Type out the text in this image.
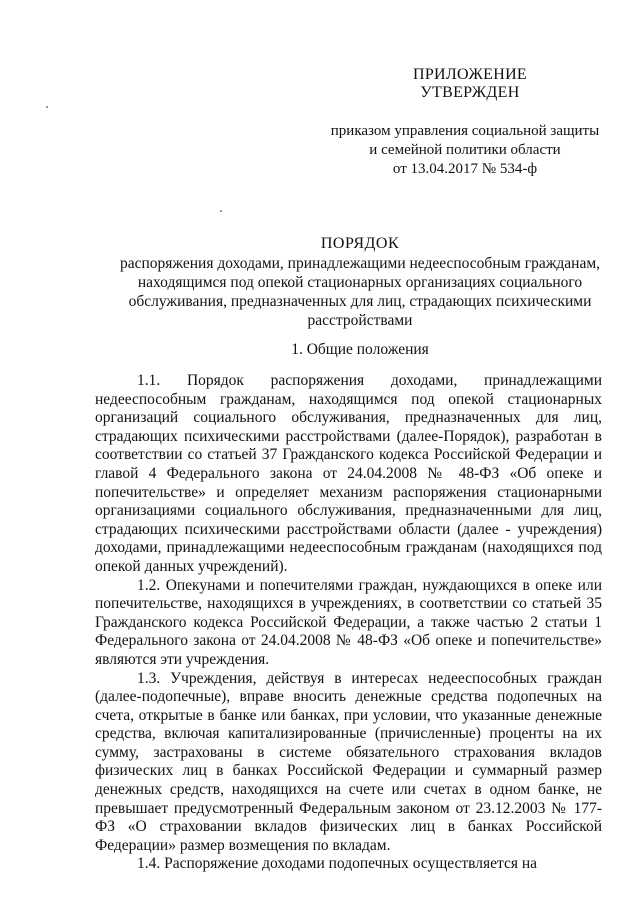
ПРИЛОЖЕНИЕ
УТВЕРЖДЕН
приказом управления социальной защиты
и семейной политики области
от 13.04.2017 № 534-ф
ПОРЯДОК
распоряжения доходами, принадлежащими недееспособным гражданам,
находящимся под опекой стационарных организациях социального
обслуживания, предназначенных для лиц, страдающих психическими
расстройствами
1. Общие положения

1.1. Порядок распоряжения доходами, принадлежащими недееспособным гражданам, находящимся под опекой стационарных организаций социального обслуживания, предназначенных для лиц, страдающих психическими расстройствами (далее-Порядок), разработан в соответствии со статьей 37 Гражданского кодекса Российской Федерации и главой 4 Федерального закона от 24.04.2008 № 48-ФЗ «Об опеке и попечительстве» и определяет механизм распоряжения стационарными организациями социального обслуживания, предназначенными для лиц, страдающих психическими расстройствами области (далее - учреждения) доходами, принадлежащими недееспособным гражданам (находящихся под опекой данных учреждений).

1.2. Опекунами и попечителями граждан, нуждающихся в опеке или попечительстве, находящихся в учреждениях, в соответствии со статьей 35 Гражданского кодекса Российской Федерации, а также частью 2 статьи 1 Федерального закона от 24.04.2008 № 48-ФЗ «Об опеке и попечительстве» являются эти учреждения.

1.3. Учреждения, действуя в интересах недееспособных граждан (далее-подопечные), вправе вносить денежные средства подопечных на счета, открытые в банке или банках, при условии, что указанные денежные средства, включая капитализированные (причисленные) проценты на их сумму, застрахованы в системе обязательного страхования вкладов физических лиц в банках Российской Федерации и суммарный размер денежных средств, находящихся на счете или счетах в одном банке, не превышает предусмотренный Федеральным законом от 23.12.2003 № 177-ФЗ «О страховании вкладов физических лиц в банках Российской Федерации» размер возмещения по вкладам.

1.4. Распоряжение доходами подопечных осуществляется на
